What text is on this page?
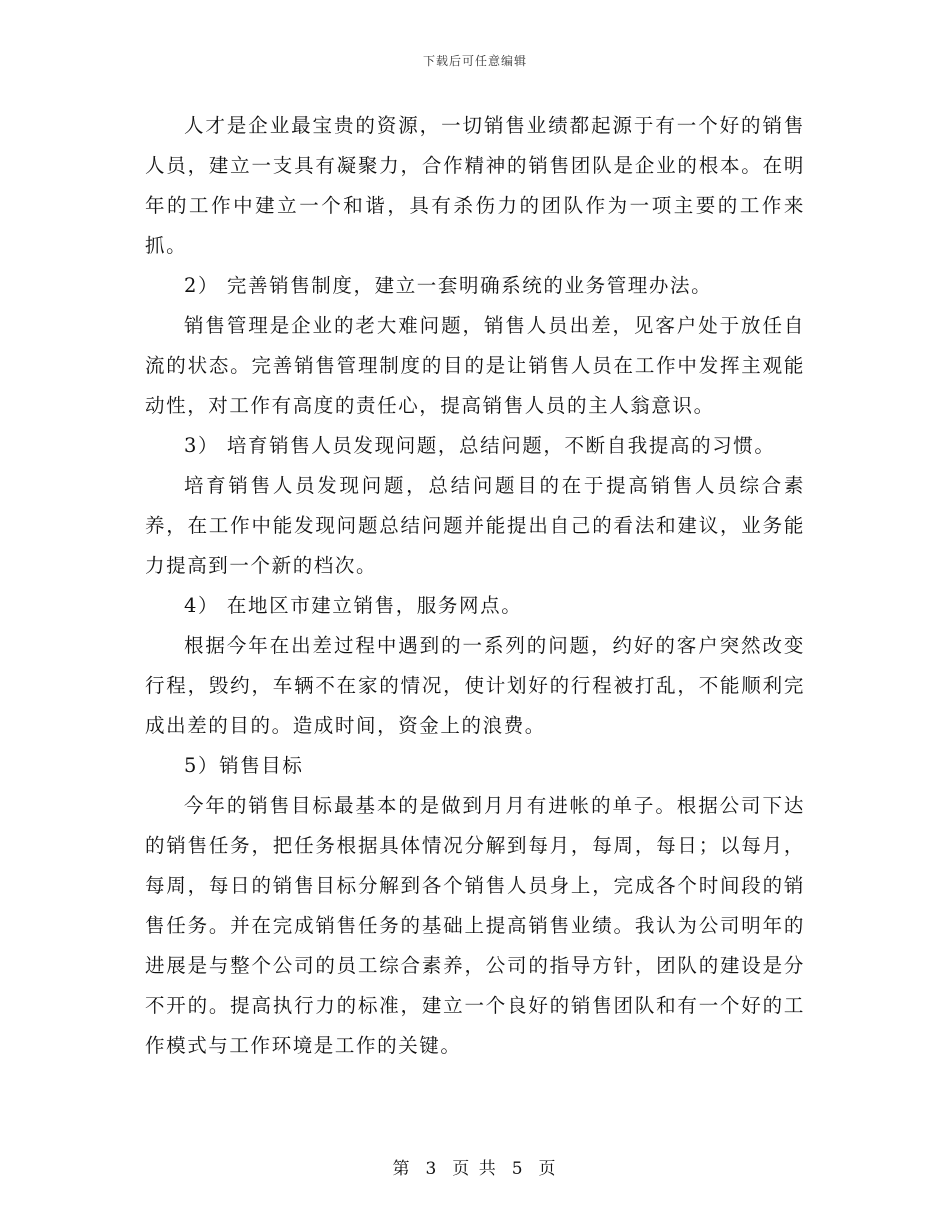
下载后可任意编辑

人才是企业最宝贵的资源，一切销售业绩都起源于有一个好的销售人员，建立一支具有凝聚力，合作精神的销售团队是企业的根本。在明年的工作中建立一个和谐，具有杀伤力的团队作为一项主要的工作来抓。

2） 完善销售制度，建立一套明确系统的业务管理办法。

销售管理是企业的老大难问题，销售人员出差，见客户处于放任自流的状态。完善销售管理制度的目的是让销售人员在工作中发挥主观能动性，对工作有高度的责任心，提高销售人员的主人翁意识。

3） 培育销售人员发现问题，总结问题，不断自我提高的习惯。

培育销售人员发现问题，总结问题目的在于提高销售人员综合素养，在工作中能发现问题总结问题并能提出自己的看法和建议，业务能力提高到一个新的档次。

4） 在地区市建立销售，服务网点。

根据今年在出差过程中遇到的一系列的问题，约好的客户突然改变行程，毁约，车辆不在家的情况，使计划好的行程被打乱，不能顺利完成出差的目的。造成时间，资金上的浪费。

5）销售目标

今年的销售目标最基本的是做到月月有进帐的单子。根据公司下达的销售任务，把任务根据具体情况分解到每月，每周，每日；以每月，每周，每日的销售目标分解到各个销售人员身上，完成各个时间段的销售任务。并在完成销售任务的基础上提高销售业绩。我认为公司明年的进展是与整个公司的员工综合素养，公司的指导方针，团队的建设是分不开的。提高执行力的标准，建立一个良好的销售团队和有一个好的工作模式与工作环境是工作的关键。

第 3 页 共 5 页
